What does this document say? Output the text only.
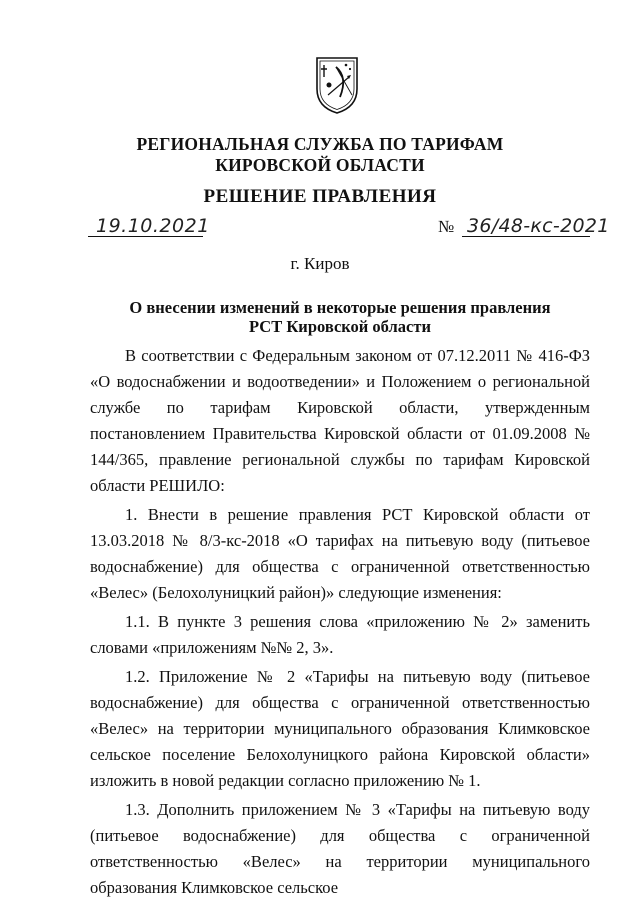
РЕГИОНАЛЬНАЯ СЛУЖБА ПО ТАРИФАМ
КИРОВСКОЙ ОБЛАСТИ
РЕШЕНИЕ ПРАВЛЕНИЯ
19.10.2021	№ 36/48-кс-2021
г. Киров
О внесении изменений в некоторые решения правления
РСТ Кировской области

В соответствии с Федеральным законом от 07.12.2011 № 416-ФЗ «О водоснабжении и водоотведении» и Положением о региональной службе по тарифам Кировской области, утвержденным постановлением Правительства Кировской области от 01.09.2008 № 144/365, правление региональной службы по тарифам Кировской области РЕШИЛО:

1. Внести в решение правления РСТ Кировской области от 13.03.2018 № 8/3-кс-2018 «О тарифах на питьевую воду (питьевое водоснабжение) для общества с ограниченной ответственностью «Велес» (Белохолуницкий район)» следующие изменения:

1.1. В пункте 3 решения слова «приложению № 2» заменить словами «приложениям №№ 2, 3».

1.2. Приложение № 2 «Тарифы на питьевую воду (питьевое водоснабжение) для общества с ограниченной ответственностью «Велес» на территории муниципального образования Климковское сельское поселение Белохолуницкого района Кировской области» изложить в новой редакции согласно приложению № 1.

1.3. Дополнить приложением № 3 «Тарифы на питьевую воду (питьевое водоснабжение) для общества с ограниченной ответственностью «Велес» на территории муниципального образования Климковское сельское
